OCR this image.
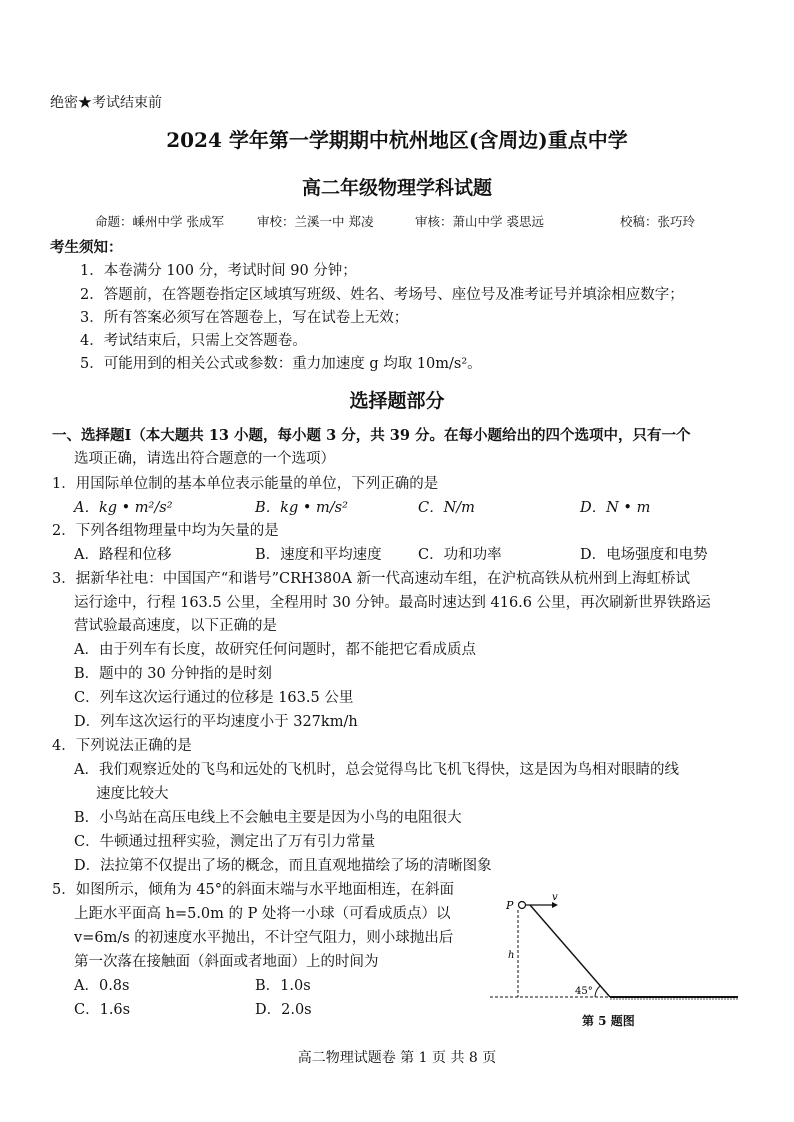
绝密★考试结束前
2024 学年第一学期期中杭州地区(含周边)重点中学
高二年级物理学科试题
命题：嵊州中学 张成军	审校：兰溪一中 郑凌	审核：萧山中学 裘思远	校稿：张巧玲
考生须知：
1．本卷满分 100 分，考试时间 90 分钟；
2．答题前，在答题卷指定区域填写班级、姓名、考场号、座位号及准考证号并填涂相应数字；
3．所有答案必须写在答题卷上，写在试卷上无效；
4．考试结束后，只需上交答题卷。
5．可能用到的相关公式或参数：重力加速度 g 均取 10m/s²。
选择题部分
一、选择题Ⅰ（本大题共 13 小题，每小题 3 分，共 39 分。在每小题给出的四个选项中，只有一个
选项正确，请选出符合题意的一个选项）
1．用国际单位制的基本单位表示能量的单位，下列正确的是
A．kg • m²/s²	B．kg • m/s²	C．N/m	D．N • m
2．下列各组物理量中均为矢量的是
A．路程和位移	B．速度和平均速度	C．功和功率	D．电场强度和电势
3．据新华社电：中国国产“和谐号”CRH380A 新一代高速动车组，在沪杭高铁从杭州到上海虹桥试
运行途中，行程 163.5 公里，全程用时 30 分钟。最高时速达到 416.6 公里，再次刷新世界铁路运
营试验最高速度，以下正确的是
A．由于列车有长度，故研究任何问题时，都不能把它看成质点
B．题中的 30 分钟指的是时刻
C．列车这次运行通过的位移是 163.5 公里
D．列车这次运行的平均速度小于 327km/h
4．下列说法正确的是
A．我们观察近处的飞鸟和远处的飞机时，总会觉得鸟比飞机飞得快，这是因为鸟相对眼睛的线
速度比较大
B．小鸟站在高压电线上不会触电主要是因为小鸟的电阻很大
C．牛顿通过扭秤实验，测定出了万有引力常量
D．法拉第不仅提出了场的概念，而且直观地描绘了场的清晰图象
5．如图所示，倾角为 45°的斜面末端与水平地面相连，在斜面
上距水平面高 h=5.0m 的 P 处将一小球（可看成质点）以
v=6m/s 的初速度水平抛出，不计空气阻力，则小球抛出后
第一次落在接触面（斜面或者地面）上的时间为
A．0.8s	B．1.0s
C．1.6s	D．2.0s
P
v
h
45°
第 5 题图
高二物理试题卷 第 1 页 共 8 页
